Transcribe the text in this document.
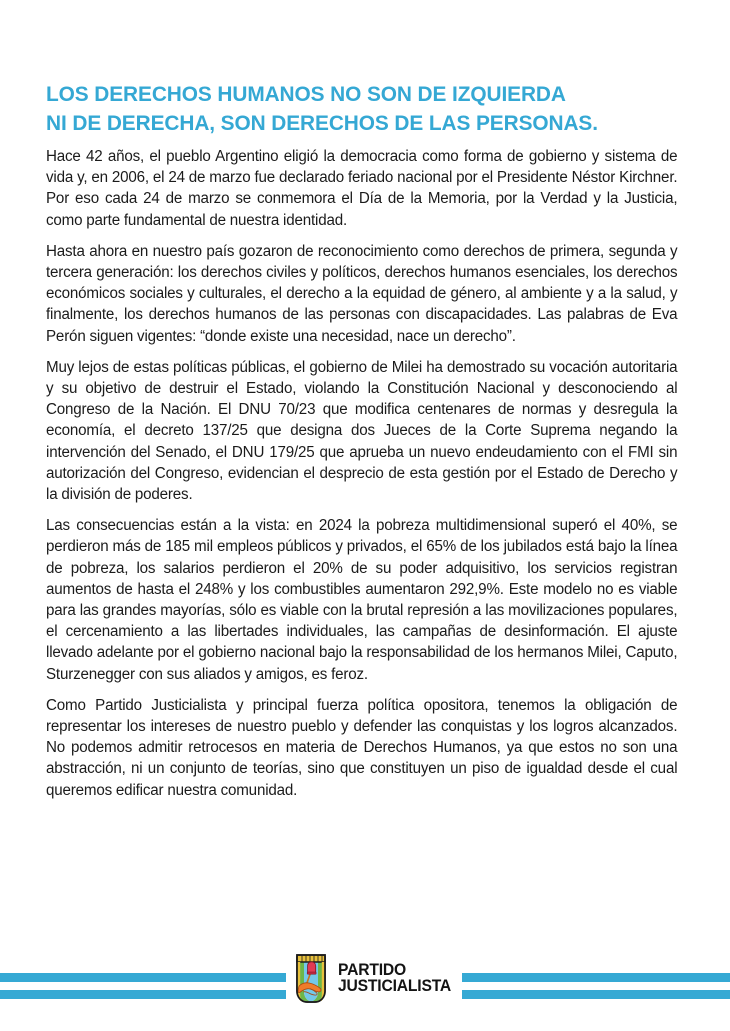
LOS DERECHOS HUMANOS NO SON DE IZQUIERDA
NI DE DERECHA, SON DERECHOS DE LAS PERSONAS.

Hace 42 años, el pueblo Argentino eligió la democracia como forma de gobierno y sistema de vida y, en 2006, el 24 de marzo fue declarado feriado nacional por el Presidente Néstor Kirchner. Por eso cada 24 de marzo se conmemora el Día de la Memoria, por la Verdad y la Justicia, como parte fundamental de nuestra identidad.

Hasta ahora en nuestro país gozaron de reconocimiento como derechos de primera, segunda y tercera generación: los derechos civiles y políticos, derechos humanos esenciales, los derechos económicos sociales y culturales, el derecho a la equidad de género, al ambiente y a la salud, y finalmente, los derechos humanos de las personas con discapacidades. Las palabras de Eva Perón siguen vigentes: “donde existe una necesidad, nace un derecho”.

Muy lejos de estas políticas públicas, el gobierno de Milei ha demostrado su vocación autoritaria y su objetivo de destruir el Estado, violando la Constitución Nacional y desconociendo al Congreso de la Nación. El DNU 70/23 que modifica centenares de normas y desregula la economía, el decreto 137/25 que designa dos Jueces de la Corte Suprema negando la intervención del Senado, el DNU 179/25 que aprueba un nuevo endeudamiento con el FMI sin autorización del Congreso, evidencian el desprecio de esta gestión por el Estado de Derecho y la división de poderes.

Las consecuencias están a la vista: en 2024 la pobreza multidimensional superó el 40%, se perdieron más de 185 mil empleos públicos y privados, el 65% de los jubilados está bajo la línea de pobreza, los salarios perdieron el 20% de su poder adquisitivo, los servicios registran aumentos de hasta el 248% y los combustibles aumentaron 292,9%. Este modelo no es viable para las grandes mayorías, sólo es viable con la brutal represión a las movilizaciones populares, el cercenamiento a las libertades individuales, las campañas de desinformación. El ajuste llevado adelante por el gobierno nacional bajo la responsabilidad de los hermanos Milei, Caputo, Sturzenegger con sus aliados y amigos, es feroz.

Como Partido Justicialista y principal fuerza política opositora, tenemos la obligación de representar los intereses de nuestro pueblo y defender las conquistas y los logros alcanzados. No podemos admitir retrocesos en materia de Derechos Humanos, ya que estos no son una abstracción, ni un conjunto de teorías, sino que constituyen un piso de igualdad desde el cual queremos edificar nuestra comunidad.

PARTIDO
JUSTICIALISTA
